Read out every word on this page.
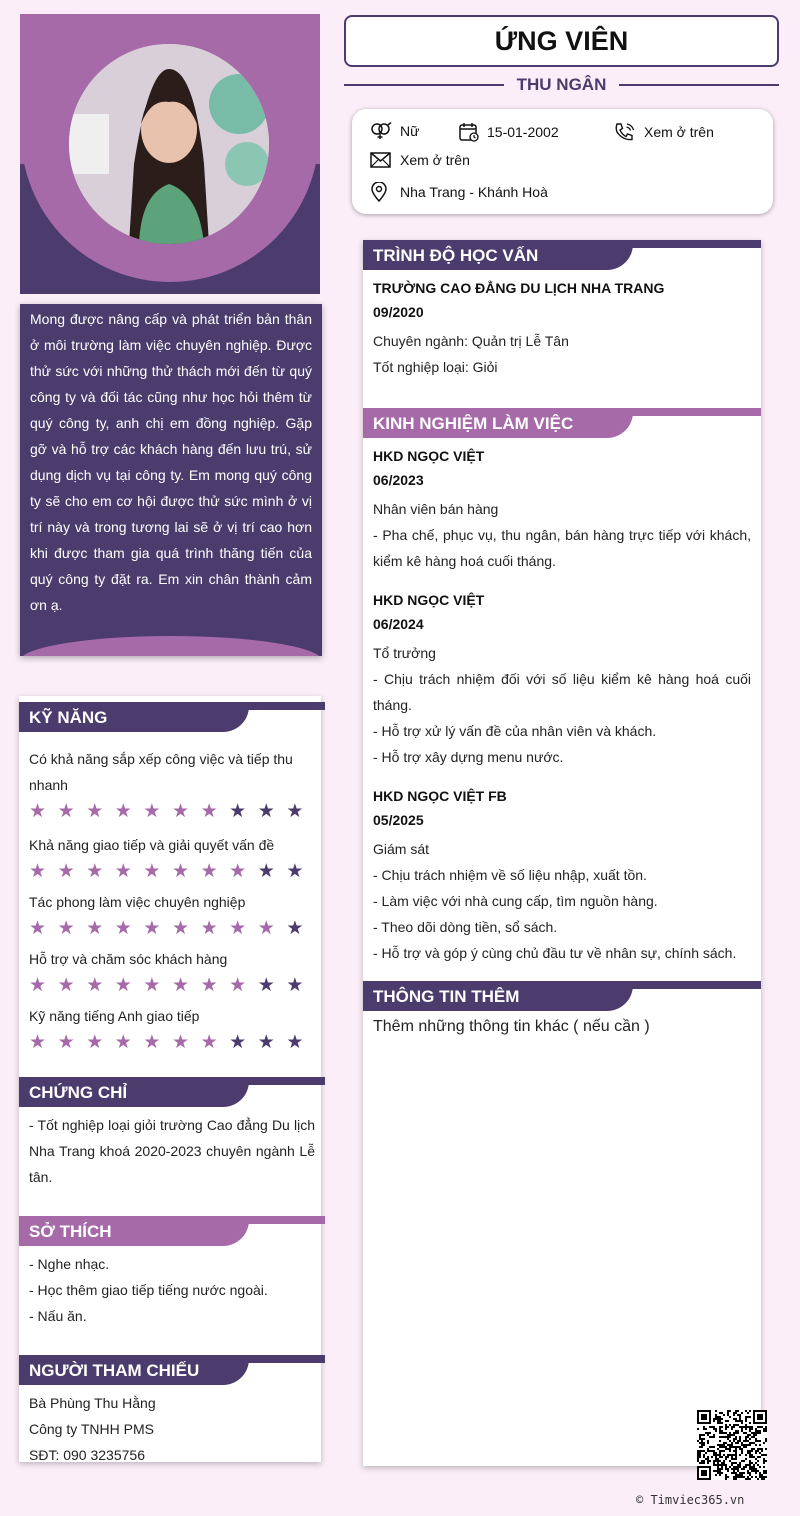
Mong được nâng cấp và phát triển bản thân ở môi trường làm việc chuyên nghiệp. Được thử sức với những thử thách mới đến từ quý công ty và đối tác cũng như học hỏi thêm từ quý công ty, anh chị em đồng nghiệp. Gặp gỡ và hỗ trợ các khách hàng đến lưu trú, sử dụng dịch vụ tại công ty. Em mong quý công ty sẽ cho em cơ hội được thử sức mình ở vị trí này và trong tương lai sẽ ở vị trí cao hơn khi được tham gia quá trình thăng tiến của quý công ty đặt ra. Em xin chân thành cảm ơn ạ.

KỸ NĂNG
Có khả năng sắp xếp công việc và tiếp thu nhanh
★ ★ ★ ★ ★ ★ ★ ★ ★ ★
Khả năng giao tiếp và giải quyết vấn đề
★ ★ ★ ★ ★ ★ ★ ★ ★ ★
Tác phong làm việc chuyên nghiệp
★ ★ ★ ★ ★ ★ ★ ★ ★ ★
Hỗ trợ và chăm sóc khách hàng
★ ★ ★ ★ ★ ★ ★ ★ ★ ★
Kỹ năng tiếng Anh giao tiếp
★ ★ ★ ★ ★ ★ ★ ★ ★ ★
CHỨNG CHỈ
- Tốt nghiệp loại giỏi trường Cao đẳng Du lịch Nha Trang khoá 2020-2023 chuyên ngành Lễ tân.
SỞ THÍCH
- Nghe nhạc.
- Học thêm giao tiếp tiếng nước ngoài.
- Nấu ăn.
NGƯỜI THAM CHIẾU
Bà Phùng Thu Hằng
Công ty TNHH PMS
SĐT: 090 3235756
ỨNG VIÊN
THU NGÂN
Nữ	15-01-2002	Xem ở trên
Xem ở trên
Nha Trang - Khánh Hoà
TRÌNH ĐỘ HỌC VẤN
TRƯỜNG CAO ĐẲNG DU LỊCH NHA TRANG
09/2020
Chuyên ngành: Quản trị Lễ Tân
Tốt nghiệp loại: Giỏi
KINH NGHIỆM LÀM VIỆC
HKD NGỌC VIỆT
06/2023
Nhân viên bán hàng
- Pha chế, phục vụ, thu ngân, bán hàng trực tiếp với khách, kiểm kê hàng hoá cuối tháng.
HKD NGỌC VIỆT
06/2024
Tổ trưởng
- Chịu trách nhiệm đối với số liệu kiểm kê hàng hoá cuối tháng.
- Hỗ trợ xử lý vấn đề của nhân viên và khách.
- Hỗ trợ xây dựng menu nước.
HKD NGỌC VIỆT FB
05/2025
Giám sát
- Chịu trách nhiệm về số liệu nhập, xuất tồn.
- Làm việc với nhà cung cấp, tìm nguồn hàng.
- Theo dõi dòng tiền, sổ sách.
- Hỗ trợ và góp ý cùng chủ đầu tư về nhân sự, chính sách.
THÔNG TIN THÊM
Thêm những thông tin khác ( nếu cần )
© Timviec365.vn
